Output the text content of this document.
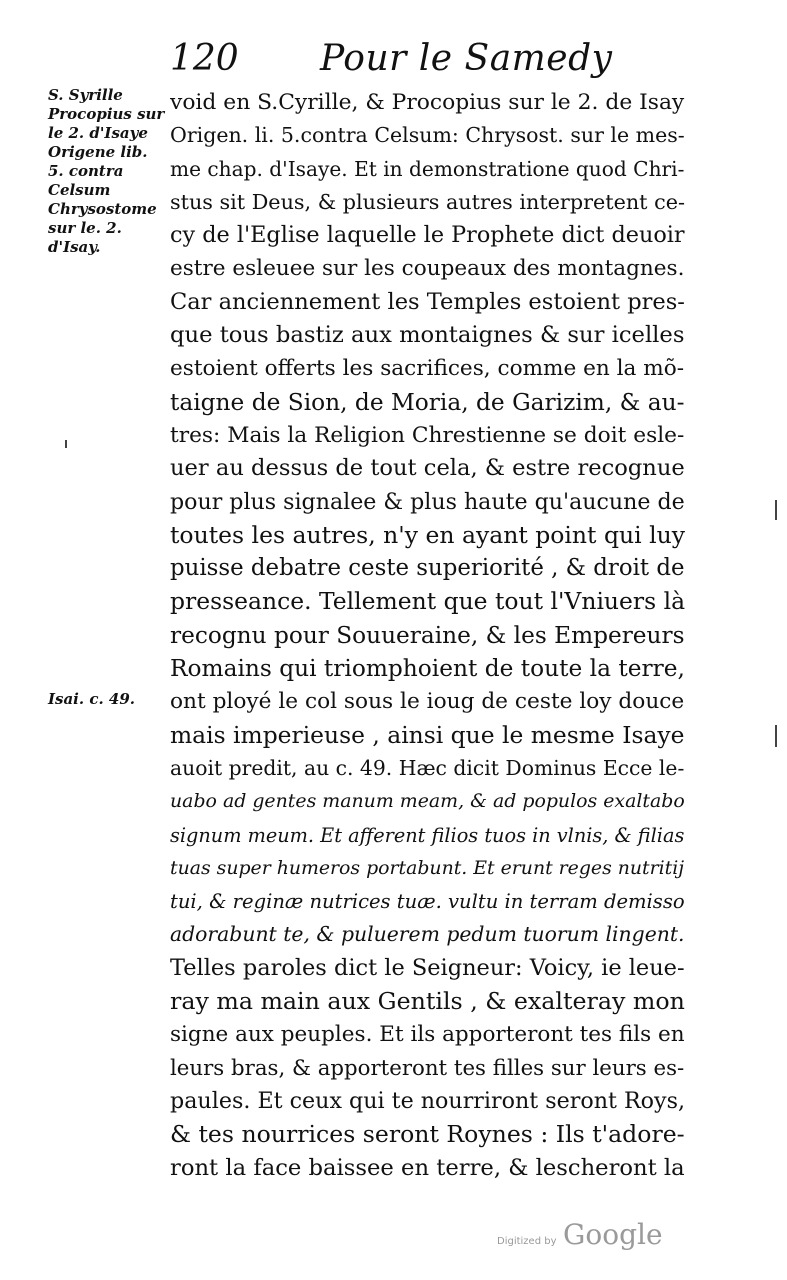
120 Pour le Samedy
S. Syrille
Procopius sur
le 2. d'Isaye
Origene lib.
5. contra
Celsum
Chrysostome
sur le. 2.
d'Isay.
Isai. c. 49.
void en S.Cyrille, & Procopius sur le 2. de Isay
Origen. li. 5.contra Celsum: Chrysost. sur le mes-
me chap. d'Isaye. Et in demonstratione quod Chri-
stus sit Deus, & plusieurs autres interpretent ce-
cy de l'Eglise laquelle le Prophete dict deuoir
estre esleuee sur les coupeaux des montagnes.
Car anciennement les Temples estoient pres-
que tous bastiz aux montaignes & sur icelles
estoient offerts les sacrifices, comme en la mõ-
taigne de Sion, de Moria, de Garizim, & au-
tres: Mais la Religion Chrestienne se doit esle-
uer au dessus de tout cela, & estre recognue
pour plus signalee & plus haute qu'aucune de
toutes les autres, n'y en ayant point qui luy
puisse debatre ceste superiorité , & droit de
presseance. Tellement que tout l'Vniuers là
recognu pour Souueraine, & les Empereurs
Romains qui triomphoient de toute la terre,
ont ployé le col sous le ioug de ceste loy douce
mais imperieuse , ainsi que le mesme Isaye
auoit predit, au c. 49. Hæc dicit Dominus Ecce le-
uabo ad gentes manum meam, & ad populos exaltabo
signum meum. Et afferent filios tuos in vlnis, & filias
tuas super humeros portabunt. Et erunt reges nutritij
tui, & reginæ nutrices tuæ. vultu in terram demisso
adorabunt te, & puluerem pedum tuorum lingent.
Telles paroles dict le Seigneur: Voicy, ie leue-
ray ma main aux Gentils , & exalteray mon
signe aux peuples. Et ils apporteront tes fils en
leurs bras, & apporteront tes filles sur leurs es-
paules. Et ceux qui te nourriront seront Roys,
& tes nourrices seront Roynes : Ils t'adore-
ront la face baissee en terre, & lescheront la
Digitized by Google
